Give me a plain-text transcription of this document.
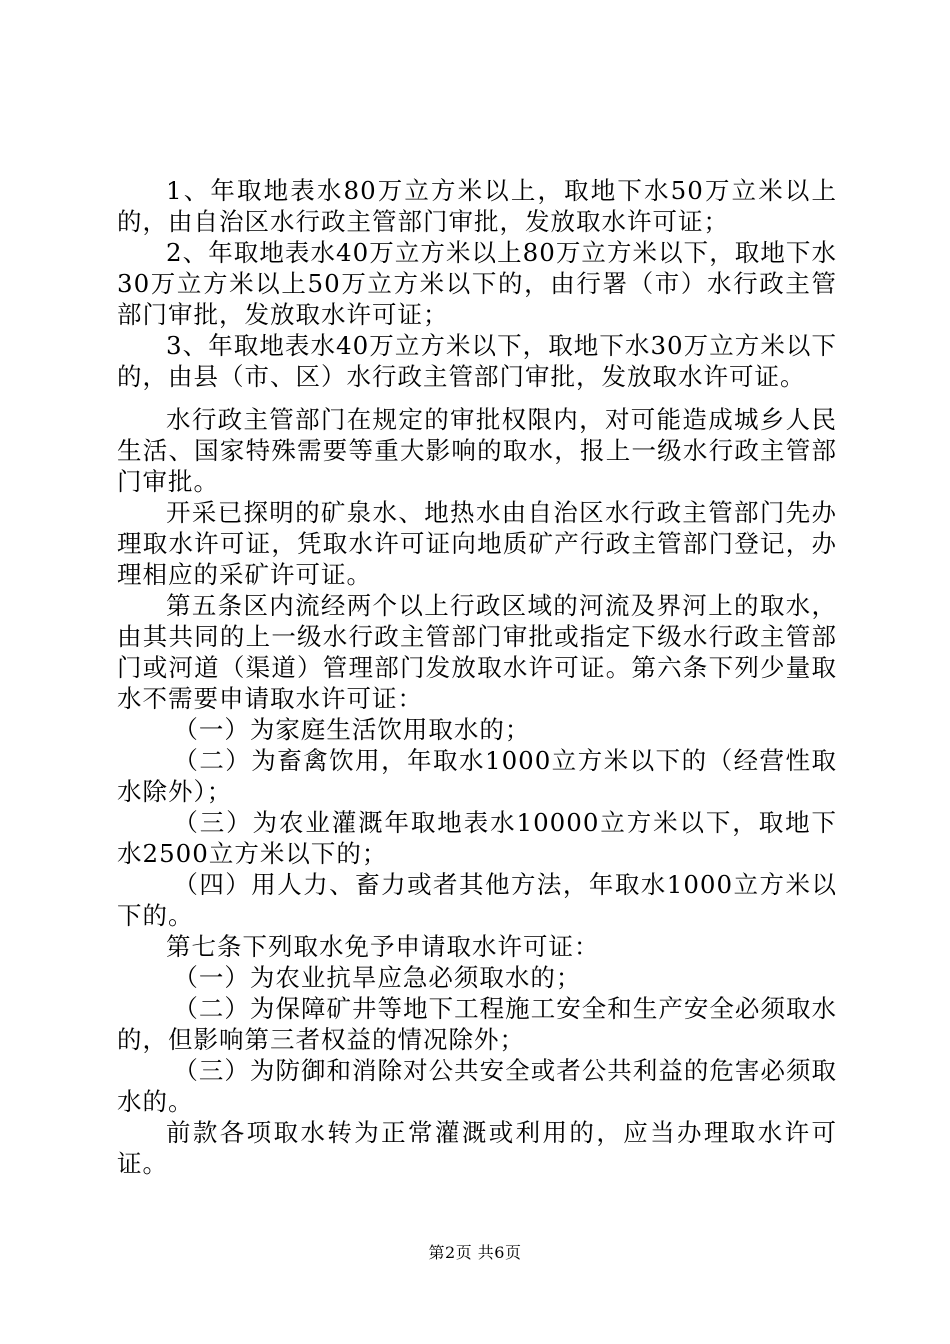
1、年取地表水80万立方米以上，取地下水50万立米以上的，由自治区水行政主管部门审批，发放取水许可证；

2、年取地表水40万立方米以上80万立方米以下，取地下水30万立方米以上50万立方米以下的，由行署（市）水行政主管部门审批，发放取水许可证；

3、年取地表水40万立方米以下，取地下水30万立方米以下的，由县（市、区）水行政主管部门审批，发放取水许可证。

水行政主管部门在规定的审批权限内，对可能造成城乡人民生活、国家特殊需要等重大影响的取水，报上一级水行政主管部门审批。

开采已探明的矿泉水、地热水由自治区水行政主管部门先办理取水许可证，凭取水许可证向地质矿产行政主管部门登记，办理相应的采矿许可证。

第五条区内流经两个以上行政区域的河流及界河上的取水，由其共同的上一级水行政主管部门审批或指定下级水行政主管部门或河道（渠道）管理部门发放取水许可证。第六条下列少量取水不需要申请取水许可证：

（一）为家庭生活饮用取水的；

（二）为畜禽饮用，年取水1000立方米以下的（经营性取水除外）；

（三）为农业灌溉年取地表水10000立方米以下，取地下水2500立方米以下的；

（四）用人力、畜力或者其他方法，年取水1000立方米以下的。

第七条下列取水免予申请取水许可证：

（一）为农业抗旱应急必须取水的；

（二）为保障矿井等地下工程施工安全和生产安全必须取水的，但影响第三者权益的情况除外；

（三）为防御和消除对公共安全或者公共利益的危害必须取水的。

前款各项取水转为正常灌溉或利用的，应当办理取水许可证。

第2页 共6页
